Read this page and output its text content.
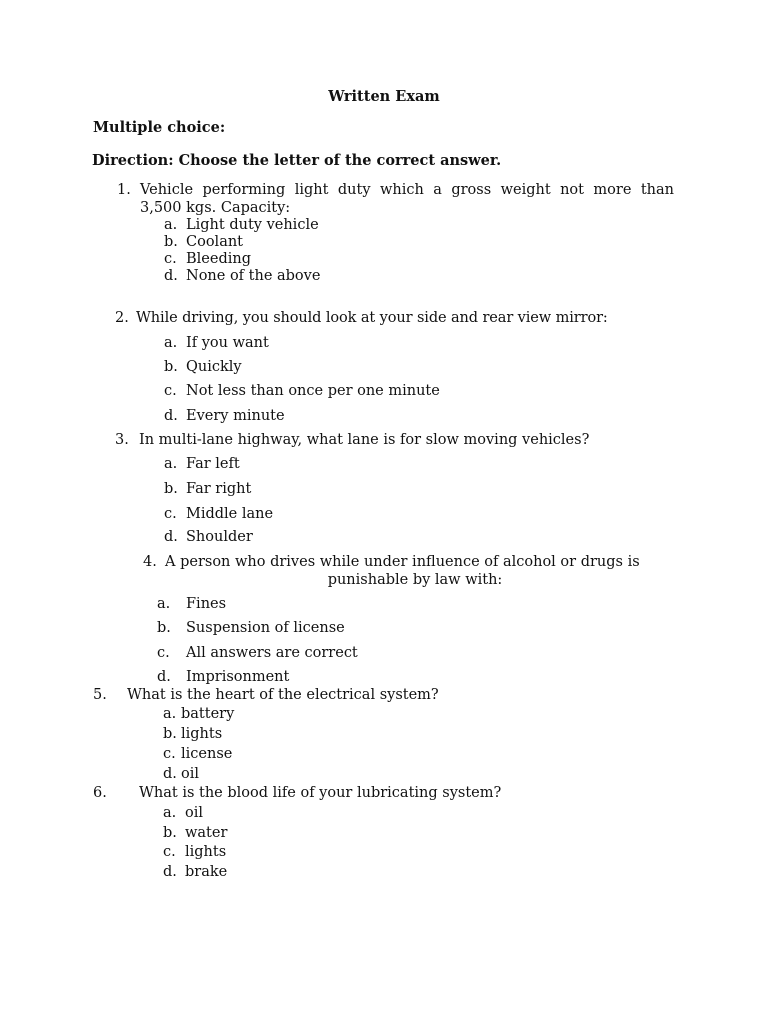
Written Exam
Multiple choice:
Direction: Choose the letter of the correct answer.
1. Vehicle performing light duty which a gross weight not more than
3,500 kgs. Capacity:
a. Light duty vehicle
b. Coolant
c. Bleeding
d. None of the above
2. While driving, you should look at your side and rear view mirror:
a. If you want
b. Quickly
c. Not less than once per one minute
d. Every minute
3. In multi-lane highway, what lane is for slow moving vehicles?
a. Far left
b. Far right
c. Middle lane
d. Shoulder
4. A person who drives while under influence of alcohol or drugs is
punishable by law with:
a. Fines
b. Suspension of license
c. All answers are correct
d. Imprisonment
5. What is the heart of the electrical system?
a. battery
b. lights
c. license
d. oil
6. What is the blood life of your lubricating system?
a. oil
b. water
c. lights
d. brake
